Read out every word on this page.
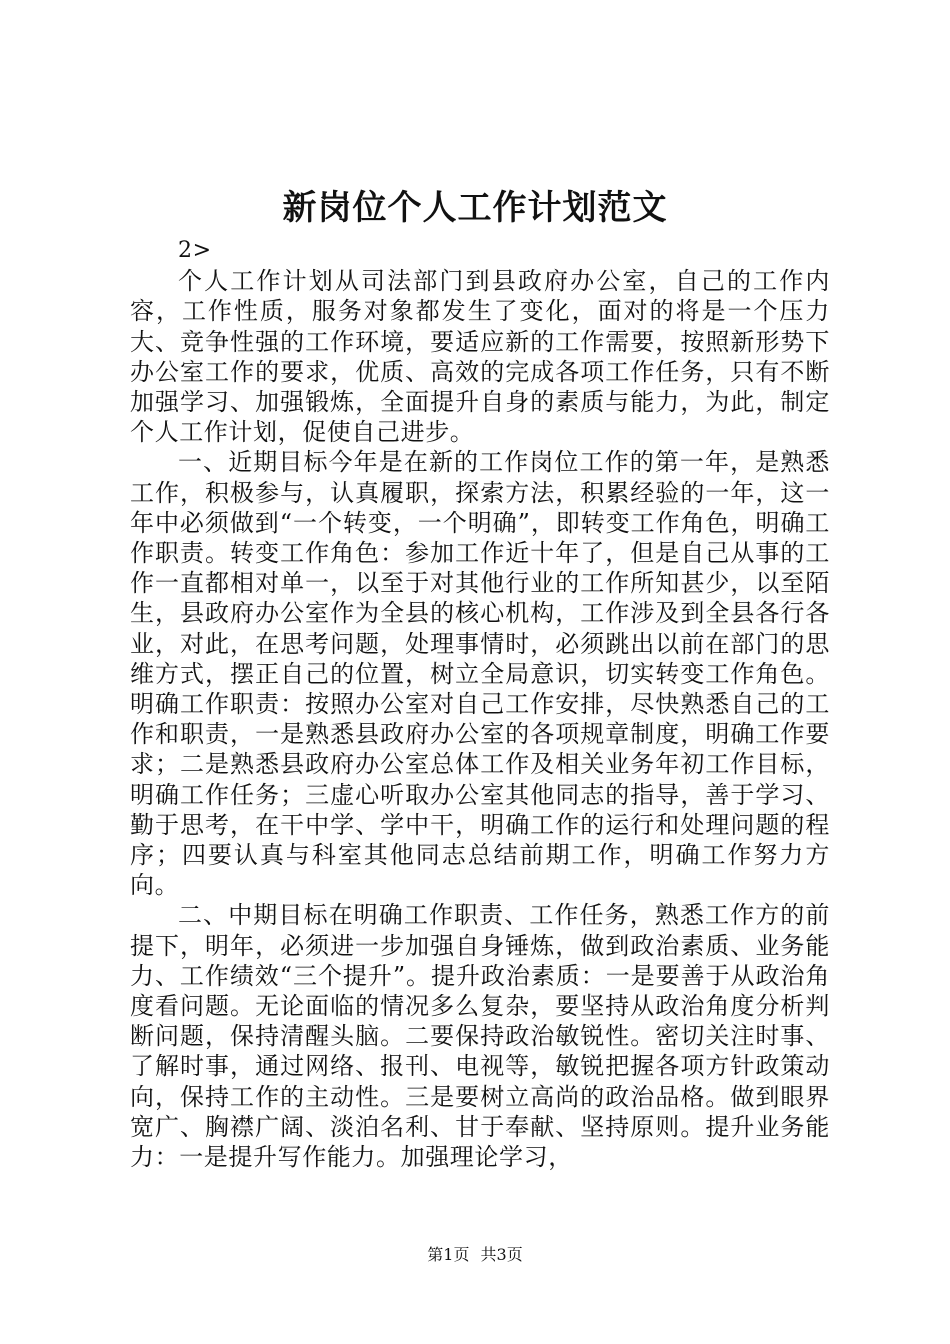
新岗位个人工作计划范文
2>

个人工作计划从司法部门到县政府办公室，自己的工作内容，工作性质，服务对象都发生了变化，面对的将是一个压力大、竞争性强的工作环境，要适应新的工作需要，按照新形势下办公室工作的要求，优质、高效的完成各项工作任务，只有不断加强学习、加强锻炼，全面提升自身的素质与能力，为此，制定个人工作计划，促使自己进步。

一、近期目标今年是在新的工作岗位工作的第一年，是熟悉工作，积极参与，认真履职，探索方法，积累经验的一年，这一年中必须做到“一个转变，一个明确”，即转变工作角色，明确工作职责。转变工作角色：参加工作近十年了，但是自己从事的工作一直都相对单一，以至于对其他行业的工作所知甚少，以至陌生，县政府办公室作为全县的核心机构，工作涉及到全县各行各业，对此，在思考问题，处理事情时，必须跳出以前在部门的思维方式，摆正自己的位置，树立全局意识，切实转变工作角色。明确工作职责：按照办公室对自己工作安排，尽快熟悉自己的工作和职责，一是熟悉县政府办公室的各项规章制度，明确工作要求；二是熟悉县政府办公室总体工作及相关业务年初工作目标，明确工作任务；三虚心听取办公室其他同志的指导，善于学习、勤于思考，在干中学、学中干，明确工作的运行和处理问题的程序；四要认真与科室其他同志总结前期工作，明确工作努力方向。

二、中期目标在明确工作职责、工作任务，熟悉工作方的前提下，明年，必须进一步加强自身锤炼，做到政治素质、业务能力、工作绩效“三个提升”。提升政治素质：一是要善于从政治角度看问题。无论面临的情况多么复杂，要坚持从政治角度分析判断问题，保持清醒头脑。二要保持政治敏锐性。密切关注时事、了解时事，通过网络、报刊、电视等，敏锐把握各项方针政策动向，保持工作的主动性。三是要树立高尚的政治品格。做到眼界宽广、胸襟广阔、淡泊名利、甘于奉献、坚持原则。提升业务能力：一是提升写作能力。加强理论学习，

第1页 共3页
